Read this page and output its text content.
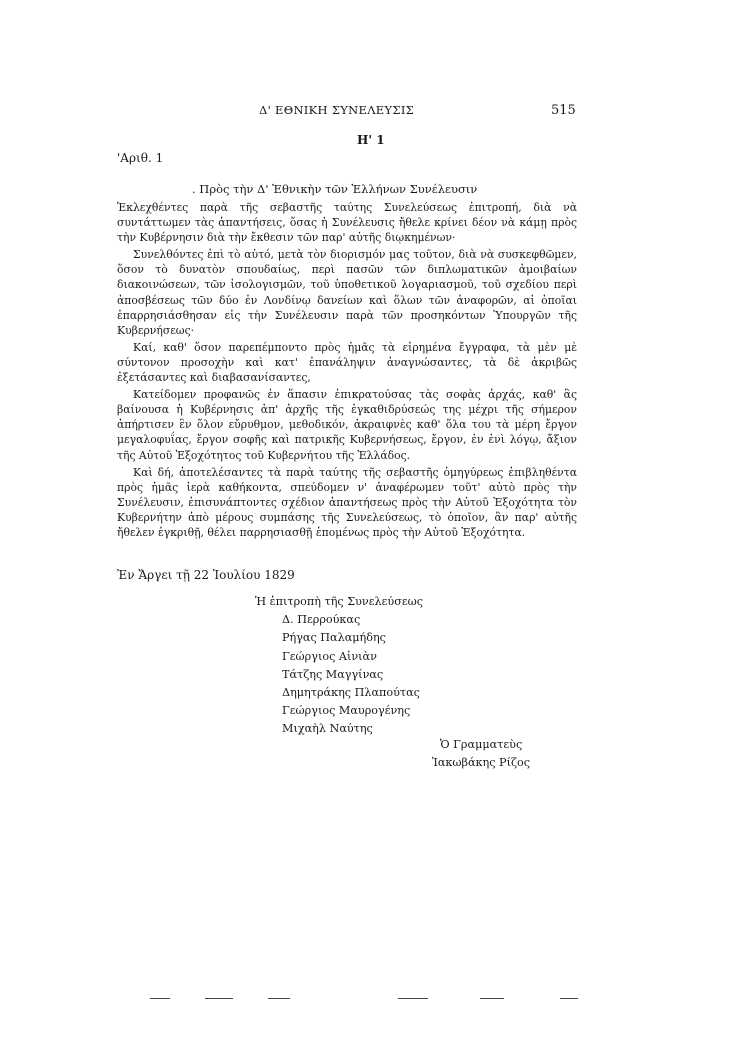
Δ' ΕΘΝΙΚΗ ΣΥΝΕΛΕΥΣΙΣ	515
Η' 1
'Αριθ. 1
. Πρὸς τὴν Δ' Ἐθνικὴν τῶν Ἑλλήνων Συνέλευσιν

Ἐκλεχθέντες παρὰ τῆς σεβαστῆς ταύτης Συνελεύσεως ἐπιτροπή, διὰ νὰ συντάττωμεν τὰς ἀπαντήσεις, ὅσας ἡ Συνέλευσις ἤθελε κρίνει δέον νὰ κάμῃ πρὸς τὴν Κυβέρνησιν διὰ τὴν ἔκθεσιν τῶν παρ' αὐτῆς διῳκημένων·

Συνελθόντες ἐπὶ τὸ αὐτό, μετὰ τὸν διορισμόν μας τοῦτον, διὰ νὰ συσκεφθῶμεν, ὅσον τὸ δυνατὸν σπουδαίως, περὶ πασῶν τῶν διπλωματικῶν ἀμοιβαίων διακοινώσεων, τῶν ἰσολογισμῶν, τοῦ ὑποθετικοῦ λογαριασμοῦ, τοῦ σχεδίου περὶ ἀποσβέσεως τῶν δύο ἐν Λονδίνῳ δανείων καὶ ὅλων τῶν ἀναφορῶν, αἱ ὁποῖαι ἐπαρρησιάσθησαν εἰς τὴν Συνέλευσιν παρὰ τῶν προσηκόντων Ὑπουργῶν τῆς Κυβερνήσεως·

Καί, καθ' ὅσον παρεπέμποντο πρὸς ἡμᾶς τὰ εἰρημένα ἔγγραφα, τὰ μὲν μὲ σύντονον προσοχὴν καὶ κατ' ἐπανάληψιν ἀναγνώσαντες, τὰ δὲ ἀκριβῶς ἐξετάσαντες καὶ διαβασανίσαντες,

Κατείδομεν προφανῶς ἐν ἅπασιν ἐπικρατούσας τὰς σοφὰς ἀρχάς, καθ' ἃς βαίνουσα ἡ Κυβέρνησις ἀπ' ἀρχῆς τῆς ἐγκαθιδρύσεώς της μέχρι τῆς σήμερον ἀπήρτισεν ἓν ὅλον εὔρυθμον, μεθοδικόν, ἀκραιφνὲς καθ' ὅλα του τὰ μέρη ἔργον μεγαλοφυΐας, ἔργον σοφῆς καὶ πατρικῆς Κυβερνήσεως, ἔργον, ἐν ἑνὶ λόγῳ, ἄξιον τῆς Αὐτοῦ Ἐξοχότητος τοῦ Κυβερνήτου τῆς Ἑλλάδος.

Καὶ δή, ἀποτελέσαντες τὰ παρὰ ταύτης τῆς σεβαστῆς ὁμηγύρεως ἐπιβληθέντα πρὸς ἡμᾶς ἱερὰ καθήκοντα, σπεύδομεν ν' ἀναφέρωμεν τοῦτ' αὐτὸ πρὸς τὴν Συνέλευσιν, ἐπισυνάπτοντες σχέδιον ἀπαντήσεως πρὸς τὴν Αὐτοῦ Ἐξοχότητα τὸν Κυβερνήτην ἀπὸ μέρους συμπάσης τῆς Συνελεύσεως, τὸ ὁποῖον, ἂν παρ' αὐτῆς ἤθελεν ἐγκριθῇ, θέλει παρρησιασθῇ ἑπομένως πρὸς τὴν Αὐτοῦ Ἐξοχότητα.

Ἐν Ἄργει τῇ 22 Ἰουλίου 1829
Ἡ ἐπιτροπὴ τῆς Συνελεύσεως
Δ. Περρούκας
Ρήγας Παλαμήδης
Γεώργιος Αἰνιὰν
Τάτζης Μαγγίνας
Δημητράκης Πλαπούτας
Γεώργιος Μαυρογένης
Μιχαὴλ Ναύτης
Ὁ Γραμματεὺς
Ἰακωβάκης Ρίζος
